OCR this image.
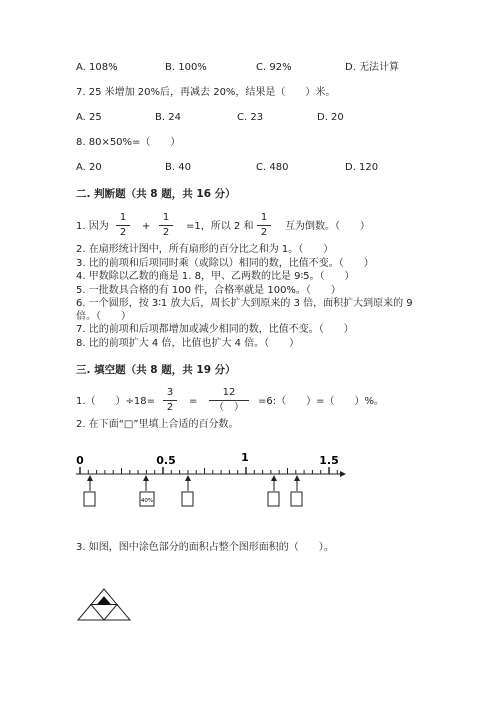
A. 108%	B. 100%	C. 92%	D. 无法计算
7. 25 米增加 20%后，再减去 20%，结果是（　　）米。
A. 25	B. 24	C. 23	D. 20
8. 80×50%=（　　）
A. 20	B. 40	C. 480	D. 120
二. 判断题（共 8 题，共 16 分）
1. 因为
1
2
+
1
2
=1，所以 2 和
1
2
互为倒数。（　　）
2. 在扇形统计图中，所有扇形的百分比之和为 1。（　　）
3. 比的前项和后项同时乘（或除以）相同的数，比值不变。（　　）
4. 甲数除以乙数的商是 1. 8，甲、乙两数的比是 9∶5。（　　）
5. 一批数具合格的有 100 件，合格率就是 100%。（　　）
6. 一个圆形，按 3∶1 放大后，周长扩大到原来的 3 倍，面积扩大到原来的 9
倍。（　　）
7. 比的前项和后项都增加或减少相同的数，比值不变。（　　）
8. 比的前项扩大 4 倍，比值也扩大 4 倍。（　　）
三. 填空题（共 8 题，共 19 分）
1.（　　）÷18=
3
2
=
12
（　）
=6:（　　）=（　　）%。
2. 在下面“□”里填上合适的百分数。
0	0.5	1	1.5
40%
3. 如图，图中涂色部分的面积占整个图形面积的（　　）。
